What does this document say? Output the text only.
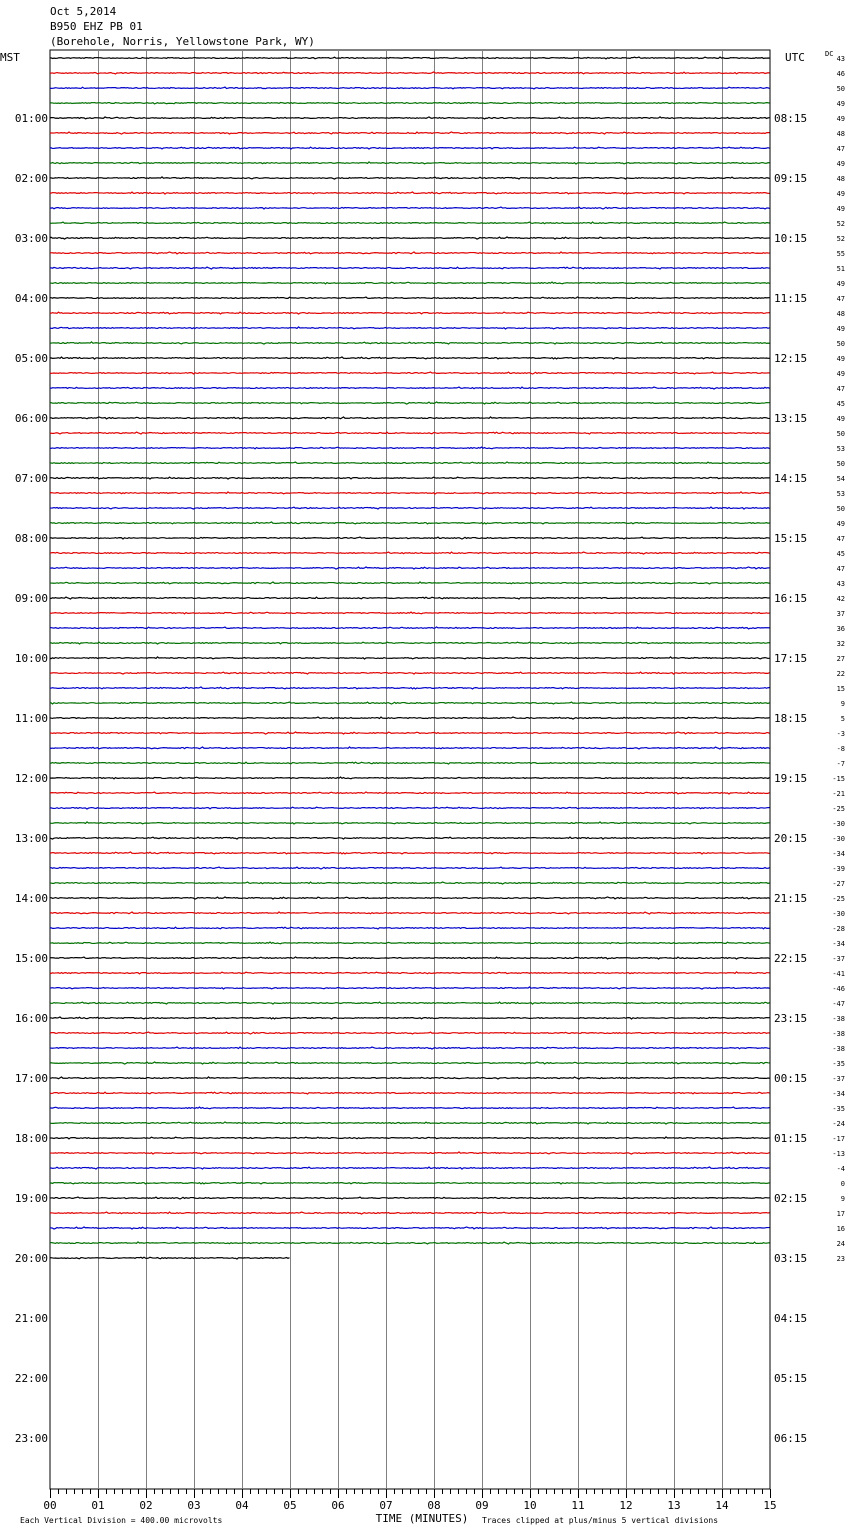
Oct 5,2014
B950 EHZ PB 01
(Borehole, Norris, Yellowstone Park, WY)
MST	UTC	DC
01:00
02:00
03:00
04:00
05:00
06:00
07:00
08:00
09:00
10:00
11:00
12:00
13:00
14:00
15:00
16:00
17:00
18:00
19:00
20:00
21:00
22:00
23:00
08:15
09:15
10:15
11:15
12:15
13:15
14:15
15:15
16:15
17:15
18:15
19:15
20:15
21:15
22:15
23:15
00:15
01:15
02:15
03:15
04:15
05:15
06:15
43
46
50
49
49
48
47
49
48
49
49
52
52
55
51
49
47
48
49
50
49
49
47
45
49
50
53
50
54
53
50
49
47
45
47
43
42
37
36
32
27
22
15
9
5
-3
-8
-7
-15
-21
-25
-30
-30
-34
-39
-27
-25
-30
-28
-34
-37
-41
-46
-47
-38
-38
-38
-35
-37
-34
-35
-24
-17
-13
-4
0
9
17
16
24
23
00	01	02	03	04	05	06	07	08	09	10	11	12	13	14	15
Each Vertical Division = 400.00 microvolts	TIME (MINUTES) Traces clipped at plus/minus 5 vertical divisions
